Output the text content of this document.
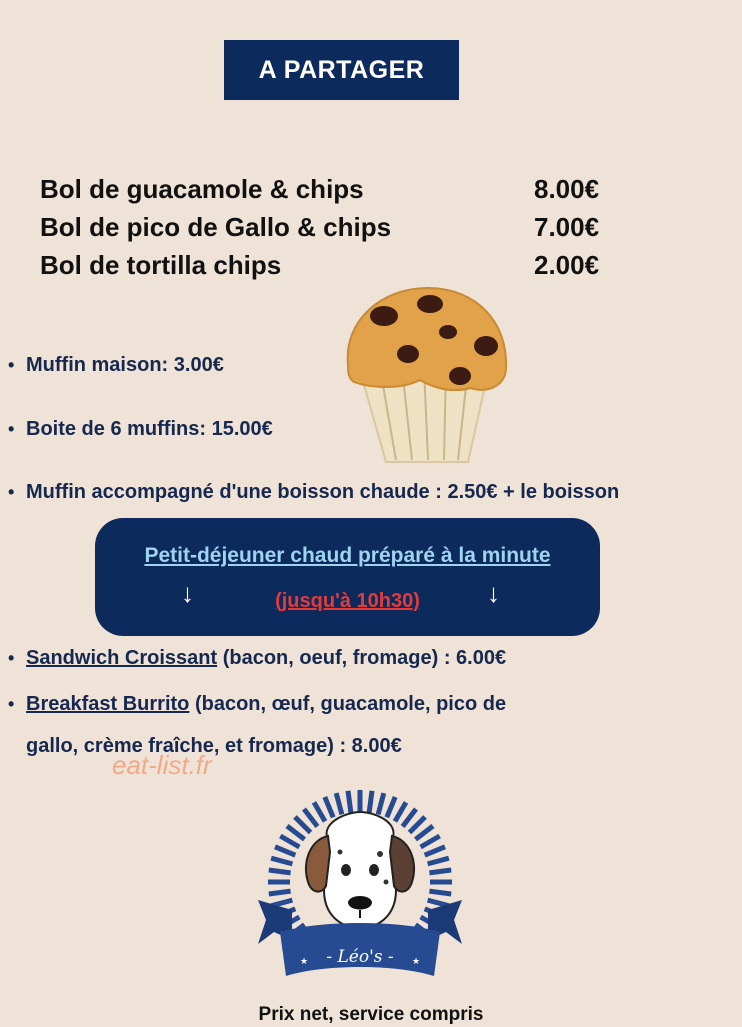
A PARTAGER
Bol de guacamole & chips	8.00€
Bol de pico de Gallo & chips	7.00€
Bol de tortilla chips	2.00€
• Muffin maison: 3.00€
• Boite de 6 muffins: 15.00€
• Muffin accompagné d'une boisson chaude : 2.50€ + le boisson
Petit-déjeuner chaud préparé à la minute
↓	(jusqu'à 10h30)	↓
• Sandwich Croissant (bacon, oeuf, fromage) : 6.00€
• Breakfast Burrito (bacon, œuf, guacamole, pico de
gallo, crème fraîche, et fromage) : 8.00€
eat-list.fr
★	★
- Léo's -
Prix net, service compris
